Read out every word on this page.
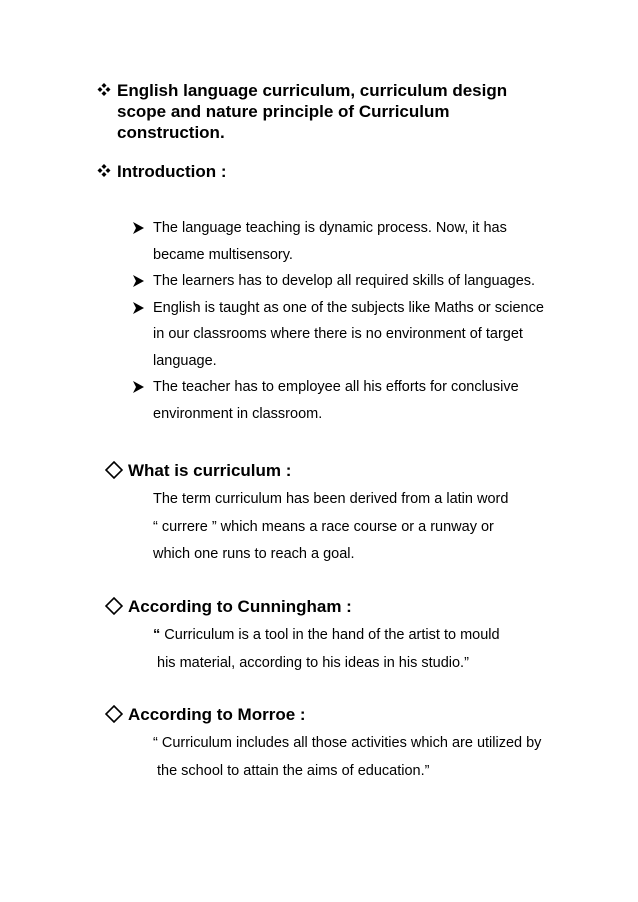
English language curriculum, curriculum design
scope and nature principle of Curriculum
construction.
Introduction :
The language teaching is dynamic process. Now, it has
became multisensory.
The learners has to develop all required skills of languages.
English is taught as one of the subjects like Maths or science
in our classrooms where there is no environment of target
language.
The teacher has to employee all his efforts for conclusive
environment in classroom.
What is curriculum :
The term curriculum has been derived from a latin word
“ currere ” which means a race course or a runway or
which one runs to reach a goal.
According to Cunningham :
“ Curriculum is a tool in the hand of the artist to mould
his material, according to his ideas in his studio.”
According to Morroe :
“ Curriculum includes all those activities which are utilized by
the school to attain the aims of education.”
